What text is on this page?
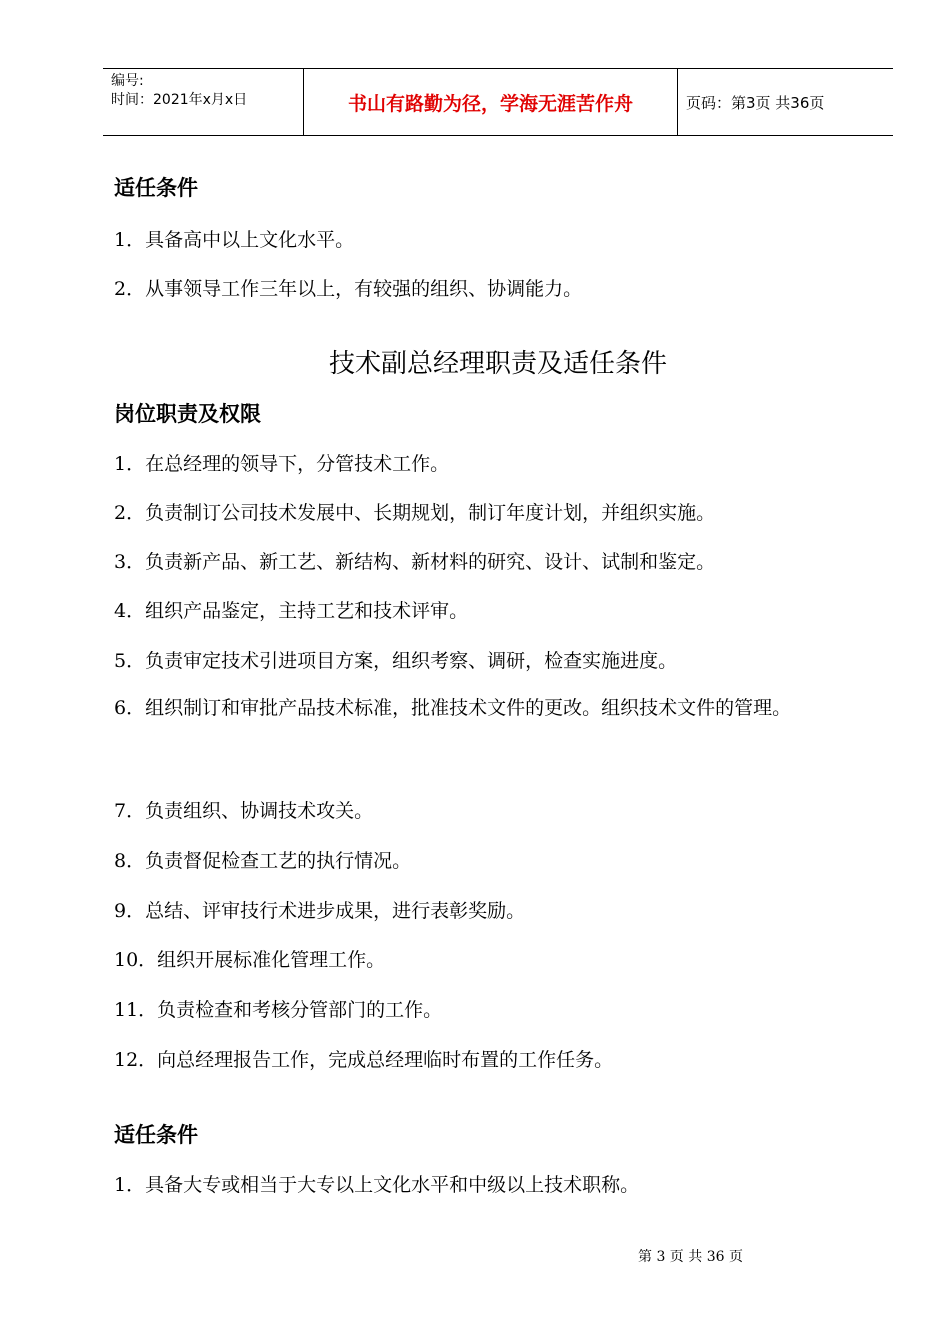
编号:
时间：2021年x月x日	书山有路勤为径，学海无涯苦作舟	页码：第3页 共36页
适任条件
1．具备高中以上文化水平。
2．从事领导工作三年以上，有较强的组织、协调能力。
技术副总经理职责及适任条件
岗位职责及权限
1．在总经理的领导下，分管技术工作。
2．负责制订公司技术发展中、长期规划，制订年度计划，并组织实施。
3．负责新产品、新工艺、新结构、新材料的研究、设计、试制和鉴定。
4．组织产品鉴定，主持工艺和技术评审。
5．负责审定技术引进项目方案，组织考察、调研，检查实施进度。
6．组织制订和审批产品技术标准，批准技术文件的更改。组织技术文件的管理。
7．负责组织、协调技术攻关。
8．负责督促检查工艺的执行情况。
9．总结、评审技行术进步成果，进行表彰奖励。
10．组织开展标准化管理工作。
11．负责检查和考核分管部门的工作。
12．向总经理报告工作，完成总经理临时布置的工作任务。
适任条件
1．具备大专或相当于大专以上文化水平和中级以上技术职称。
第 3 页 共 36 页
